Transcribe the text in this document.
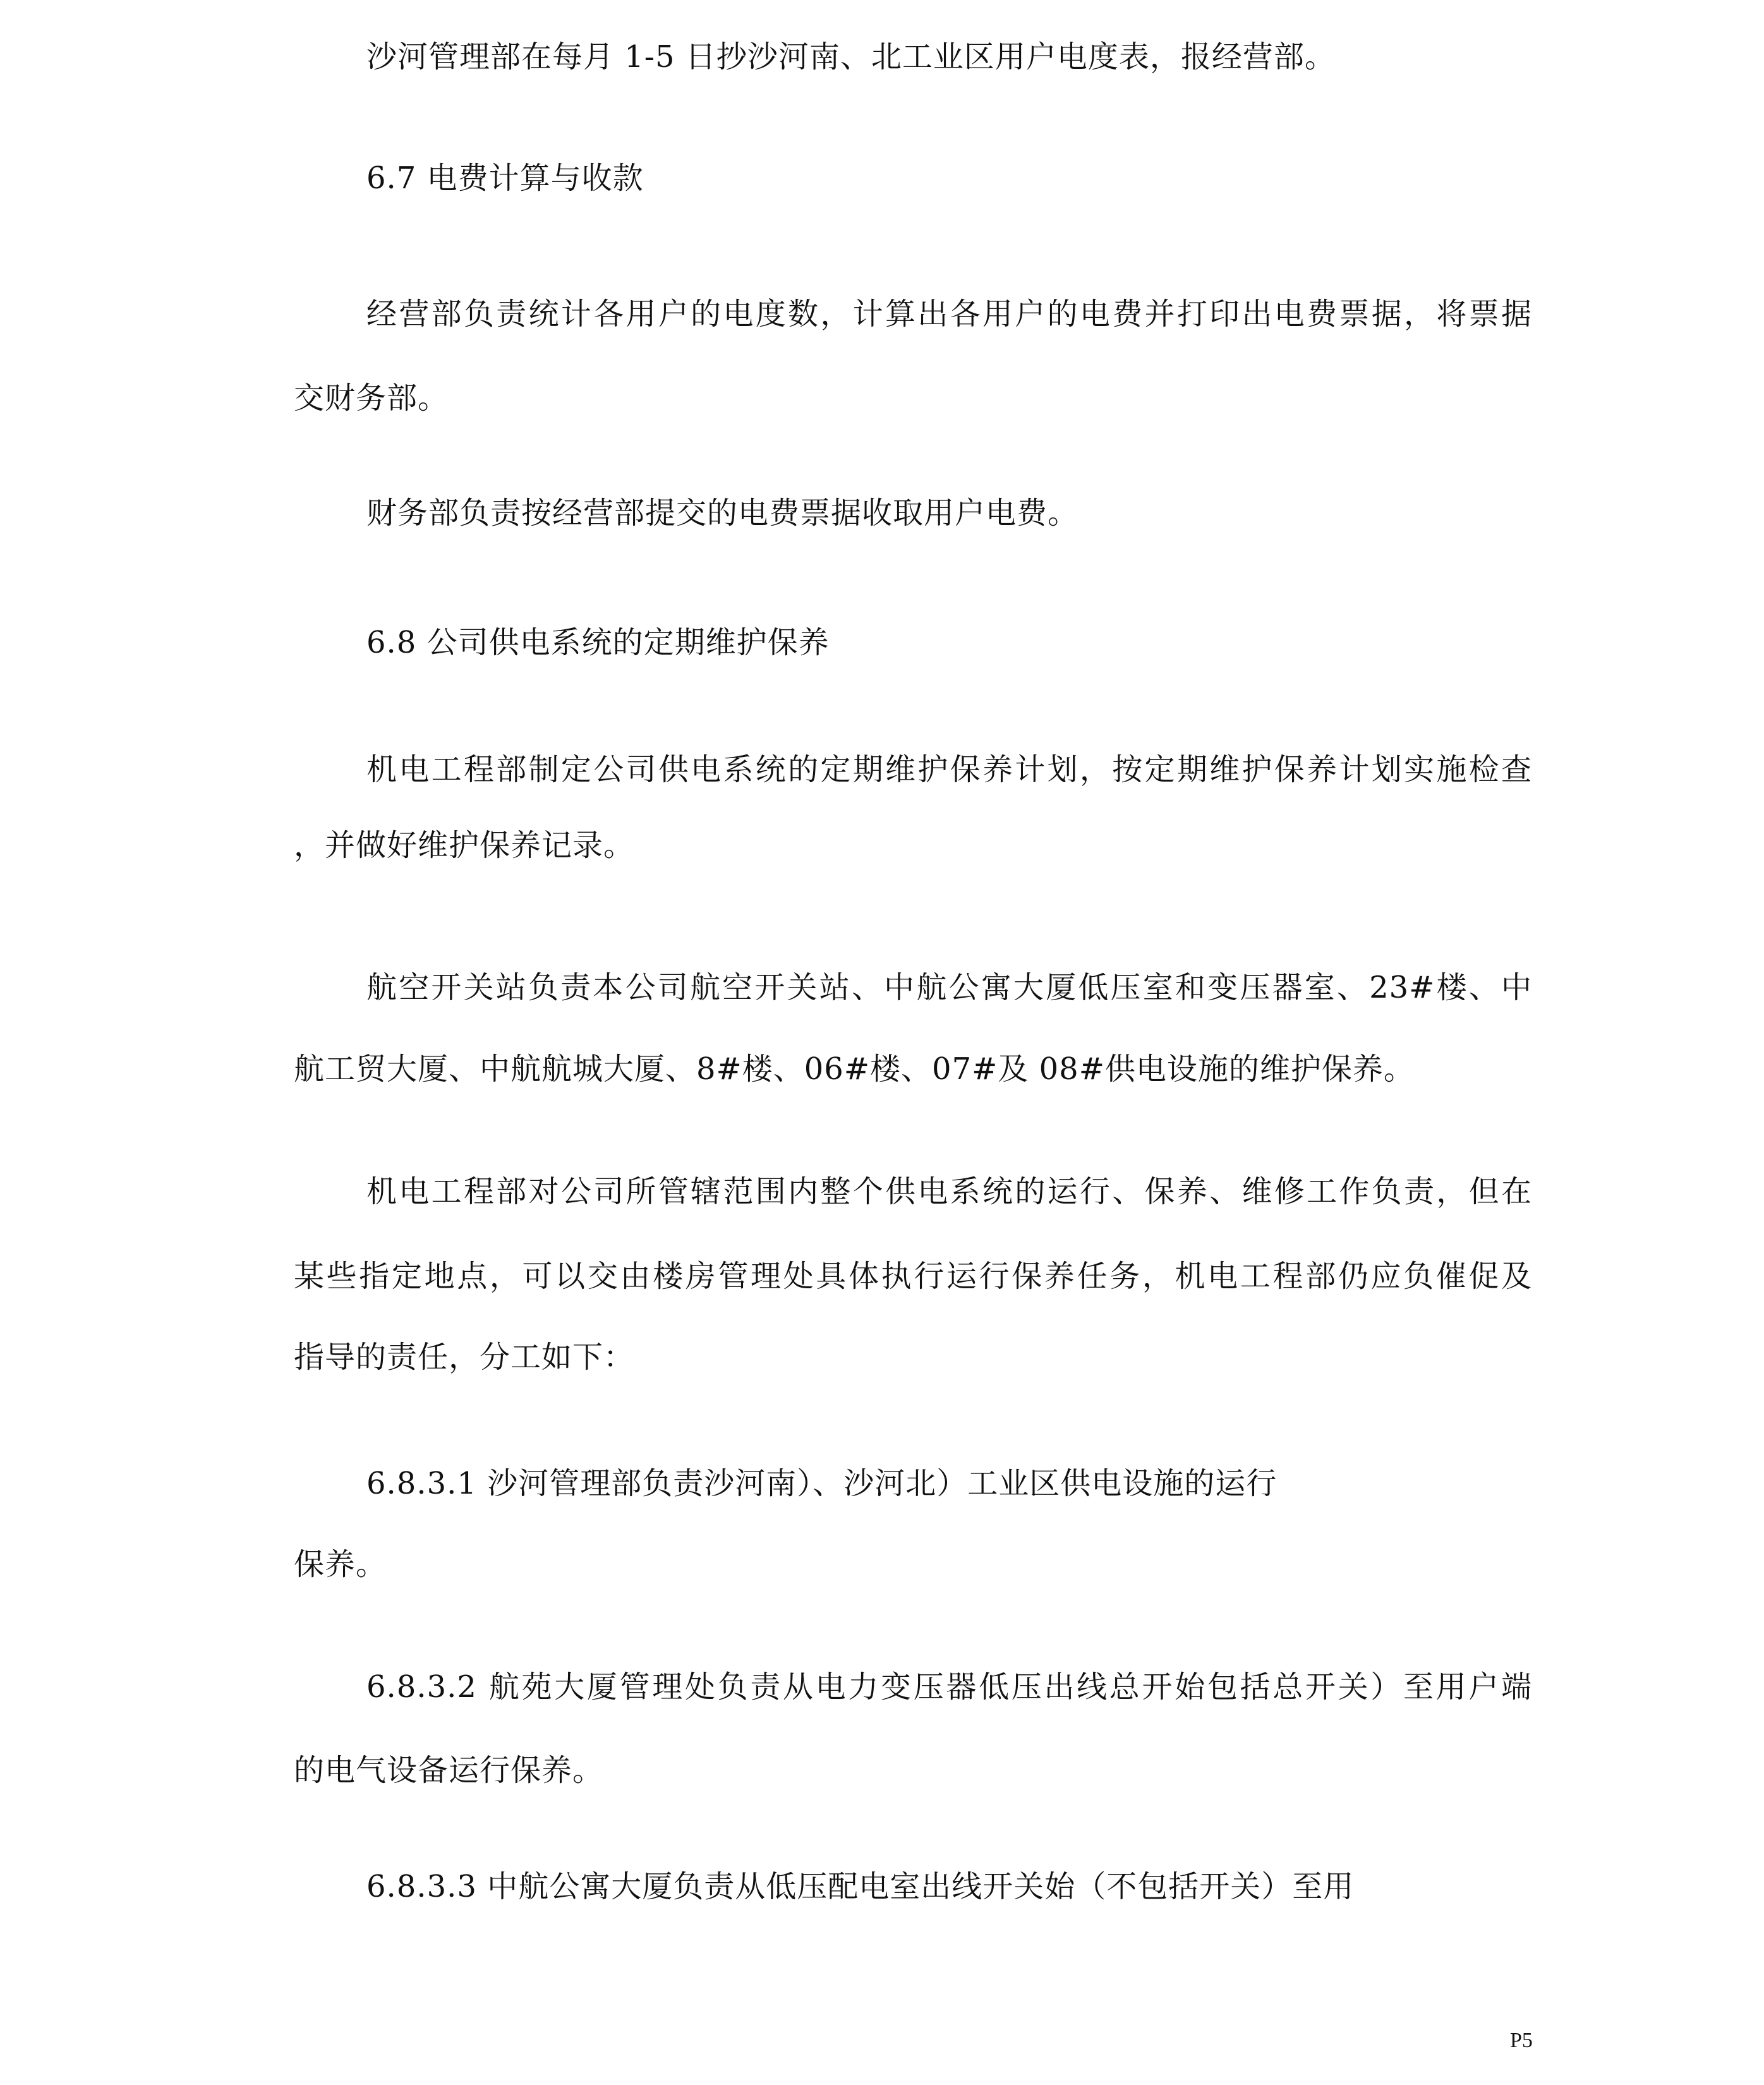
沙河管理部在每月 1-5 日抄沙河南、北工业区用户电度表，报经营部。
6.7 电费计算与收款
经营部负责统计各用户的电度数，计算出各用户的电费并打印出电费票据，将票据
交财务部。
财务部负责按经营部提交的电费票据收取用户电费。
6.8 公司供电系统的定期维护保养
机电工程部制定公司供电系统的定期维护保养计划，按定期维护保养计划实施检查
，并做好维护保养记录。
航空开关站负责本公司航空开关站、中航公寓大厦低压室和变压器室、23#楼、中
航工贸大厦、中航航城大厦、8#楼、06#楼、07#及 08#供电设施的维护保养。
机电工程部对公司所管辖范围内整个供电系统的运行、保养、维修工作负责，但在
某些指定地点，可以交由楼房管理处具体执行运行保养任务，机电工程部仍应负催促及
指导的责任，分工如下：
6.8.3.1 沙河管理部负责沙河南）、沙河北）工业区供电设施的运行
保养。
6.8.3.2 航苑大厦管理处负责从电力变压器低压出线总开始包括总开关）至用户端
的电气设备运行保养。
6.8.3.3 中航公寓大厦负责从低压配电室出线开关始（不包括开关）至用
P5
